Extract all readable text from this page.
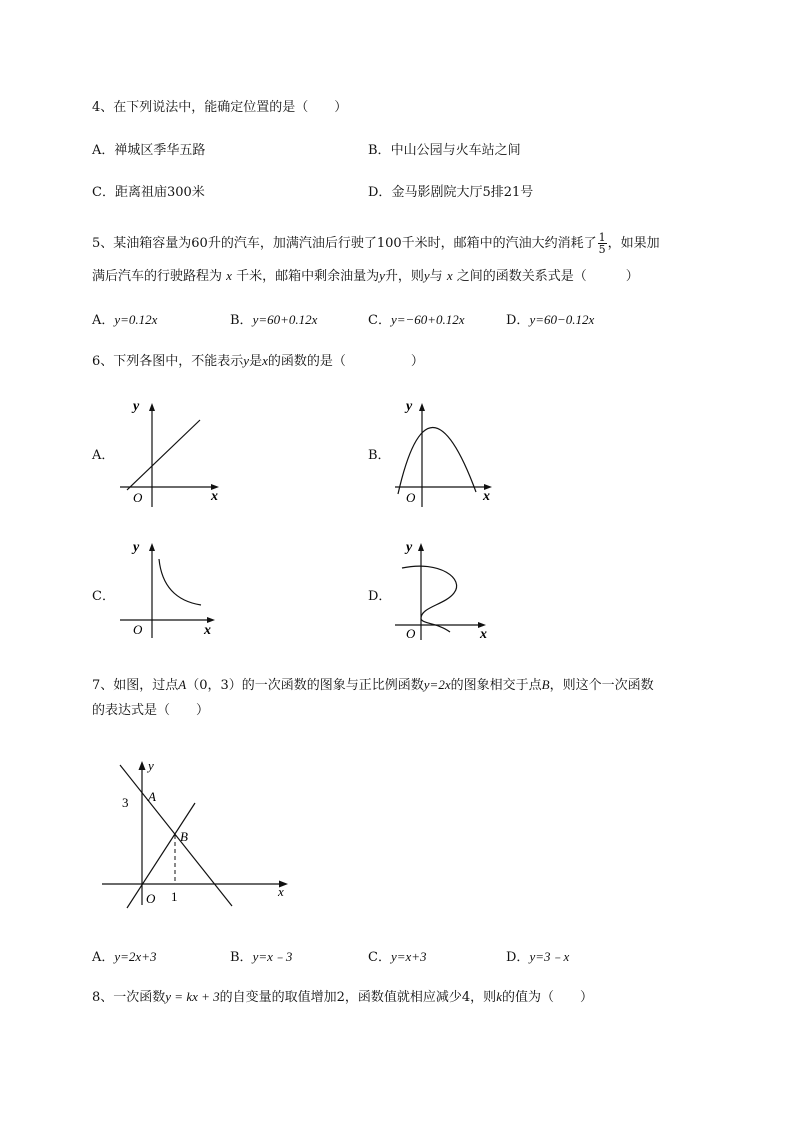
4、在下列说法中，能确定位置的是（　　）
A．禅城区季华五路	B．中山公园与火车站之间
C．距离祖庙300米	D．金马影剧院大厅5排21号
5、某油箱容量为60升的汽车，加满汽油后行驶了100千米时，邮箱中的汽油大约消耗了 $\frac{1}{5}$ ，如果加
满后汽车的行驶路程为 x 千米，邮箱中剩余油量为y升，则y与 x 之间的函数关系式是（　　　）
A．y=0.12x	B．y=60+0.12x	C．y=−60+0.12x	D．y=60−0.12x
6、下列各图中，不能表示y是x的函数的是（　　　　　）
A．
y
x
O
B．
y
x
O
C．
y
x
O
D．
y
x
O
7、如图，过点A（0，3）的一次函数的图象与正比例函数y=2x的图象相交于点B，则这个一次函数
的表达式是（　　）
y
x
O
3
1
A
B
A．y=2x+3	B．y=x﹣3	C．y=x+3	D．y=3﹣x
8、一次函数y = kx + 3的自变量的取值增加2，函数值就相应减少4，则k的值为（　　）
